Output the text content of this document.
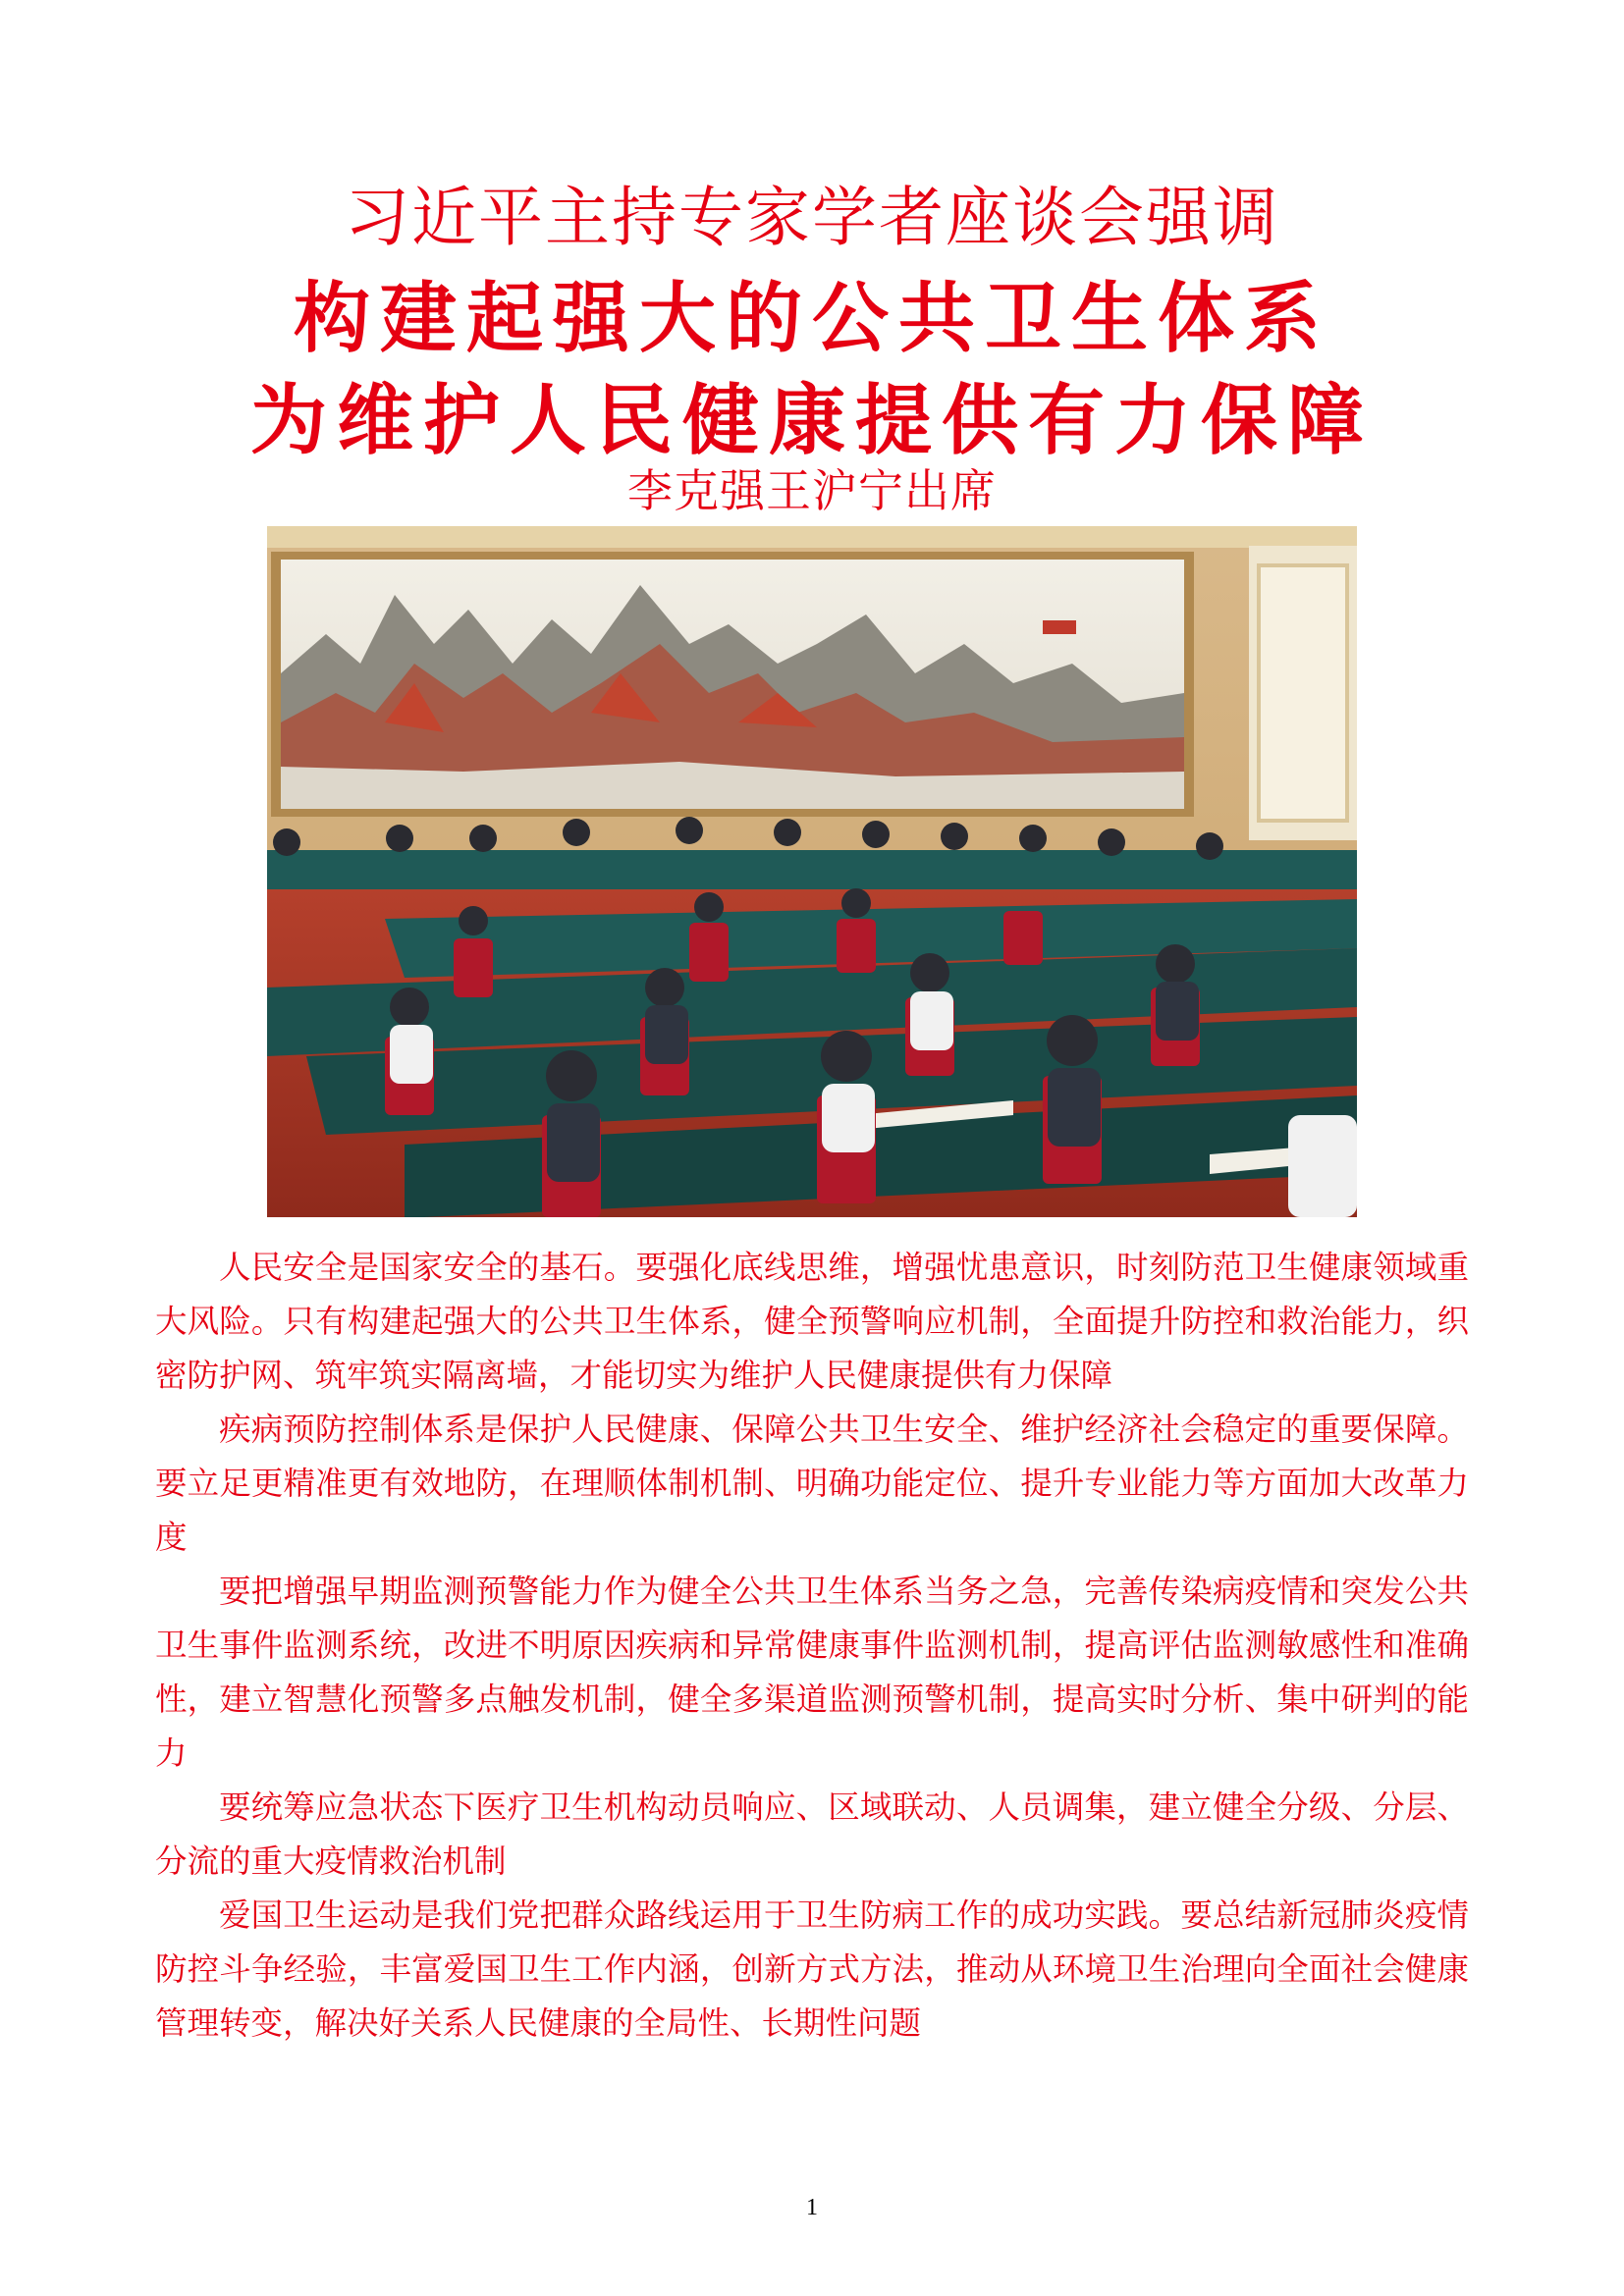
习近平主持专家学者座谈会强调
构建起强大的公共卫生体系
为维护人民健康提供有力保障
李克强王沪宁出席

人民安全是国家安全的基石。要强化底线思维，增强忧患意识，时刻防范卫生健康领域重大风险。只有构建起强大的公共卫生体系，健全预警响应机制，全面提升防控和救治能力，织密防护网、筑牢筑实隔离墙，才能切实为维护人民健康提供有力保障

疾病预防控制体系是保护人民健康、保障公共卫生安全、维护经济社会稳定的重要保障。要立足更精准更有效地防，在理顺体制机制、明确功能定位、提升专业能力等方面加大改革力度

要把增强早期监测预警能力作为健全公共卫生体系当务之急，完善传染病疫情和突发公共卫生事件监测系统，改进不明原因疾病和异常健康事件监测机制，提高评估监测敏感性和准确性，建立智慧化预警多点触发机制，健全多渠道监测预警机制，提高实时分析、集中研判的能力

要统筹应急状态下医疗卫生机构动员响应、区域联动、人员调集，建立健全分级、分层、分流的重大疫情救治机制

爱国卫生运动是我们党把群众路线运用于卫生防病工作的成功实践。要总结新冠肺炎疫情防控斗争经验，丰富爱国卫生工作内涵，创新方式方法，推动从环境卫生治理向全面社会健康管理转变，解决好关系人民健康的全局性、长期性问题

1
